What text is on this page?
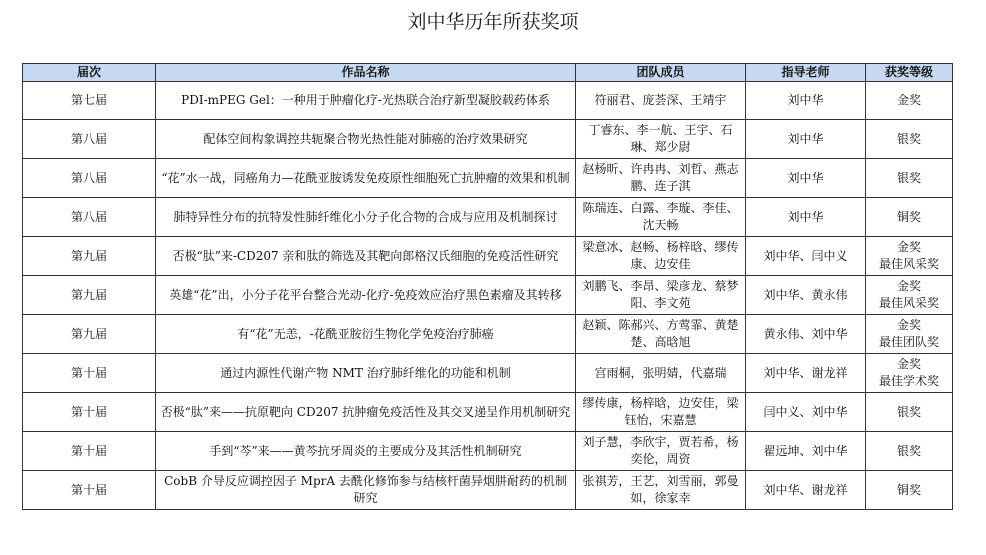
刘中华历年所获奖项
届次	作品名称	团队成员	指导老师	获奖等级
第七届	PDI-mPEG Gel：一种用于肿瘤化疗-光热联合治疗新型凝胶载药体系	符丽君、庞荟深、王靖宇	刘中华	金奖

第八届	配体空间构象调控共轭聚合物光热性能对肺癌的治疗效果研究	丁睿东、李一航、王宇、石琳、郑少尉	刘中华	银奖

第八届	“花”水一战，同癌角力—花酰亚胺诱发免疫原性细胞死亡抗肿瘤的效果和机制	赵杨昕、许冉冉、刘哲、燕志鹏、连子淇	刘中华	银奖

第八届	肺特异性分布的抗特发性肺纤维化小分子化合物的合成与应用及机制探讨	陈瑞连、白露、李璇、李佳、沈天畅	刘中华	铜奖

第九届	否极“肽”来-CD207 亲和肽的筛选及其靶向郎格汉氏细胞的免疫活性研究	梁意冰、赵畅、杨梓晗、缪传康、边安佳	刘中华、闫中义	金奖
最佳风采奖

第九届	英雄“花”出，小分子花平台整合光动-化疗-免疫效应治疗黑色素瘤及其转移	刘鹏飞、李昂、梁彦龙、蔡梦阳、李文苑	刘中华、黄永伟	金奖
最佳风采奖

第九届	有“花”无恙，-花酰亚胺衍生物化学免疫治疗肺癌	赵颖、陈郝兴、方莺霏、黄楚楚、高晗旭	黄永伟、刘中华	金奖
最佳团队奖

第十届	通过内源性代谢产物 NMT 治疗肺纤维化的功能和机制	宫雨桐，张明婧，代嘉瑞	刘中华、谢龙祥	金奖
最佳学术奖

第十届	否极“肽”来——抗原靶向 CD207 抗肿瘤免疫活性及其交叉递呈作用机制研究	缪传康，杨梓晗，边安佳，梁钰怡，宋嘉慧	闫中义、刘中华	银奖

第十届	手到“芩”来——黄芩抗牙周炎的主要成分及其活性机制研究	刘子慧，李欣宇，贾若希，杨奕伦，周资	翟远坤、刘中华	银奖

第十届	CobB 介导反应调控因子 MprA 去酰化修饰参与结核杆菌异烟肼耐药的机制研究	张祺芳，王艺，刘雪丽，郭曼如，徐家幸	刘中华、谢龙祥	铜奖
